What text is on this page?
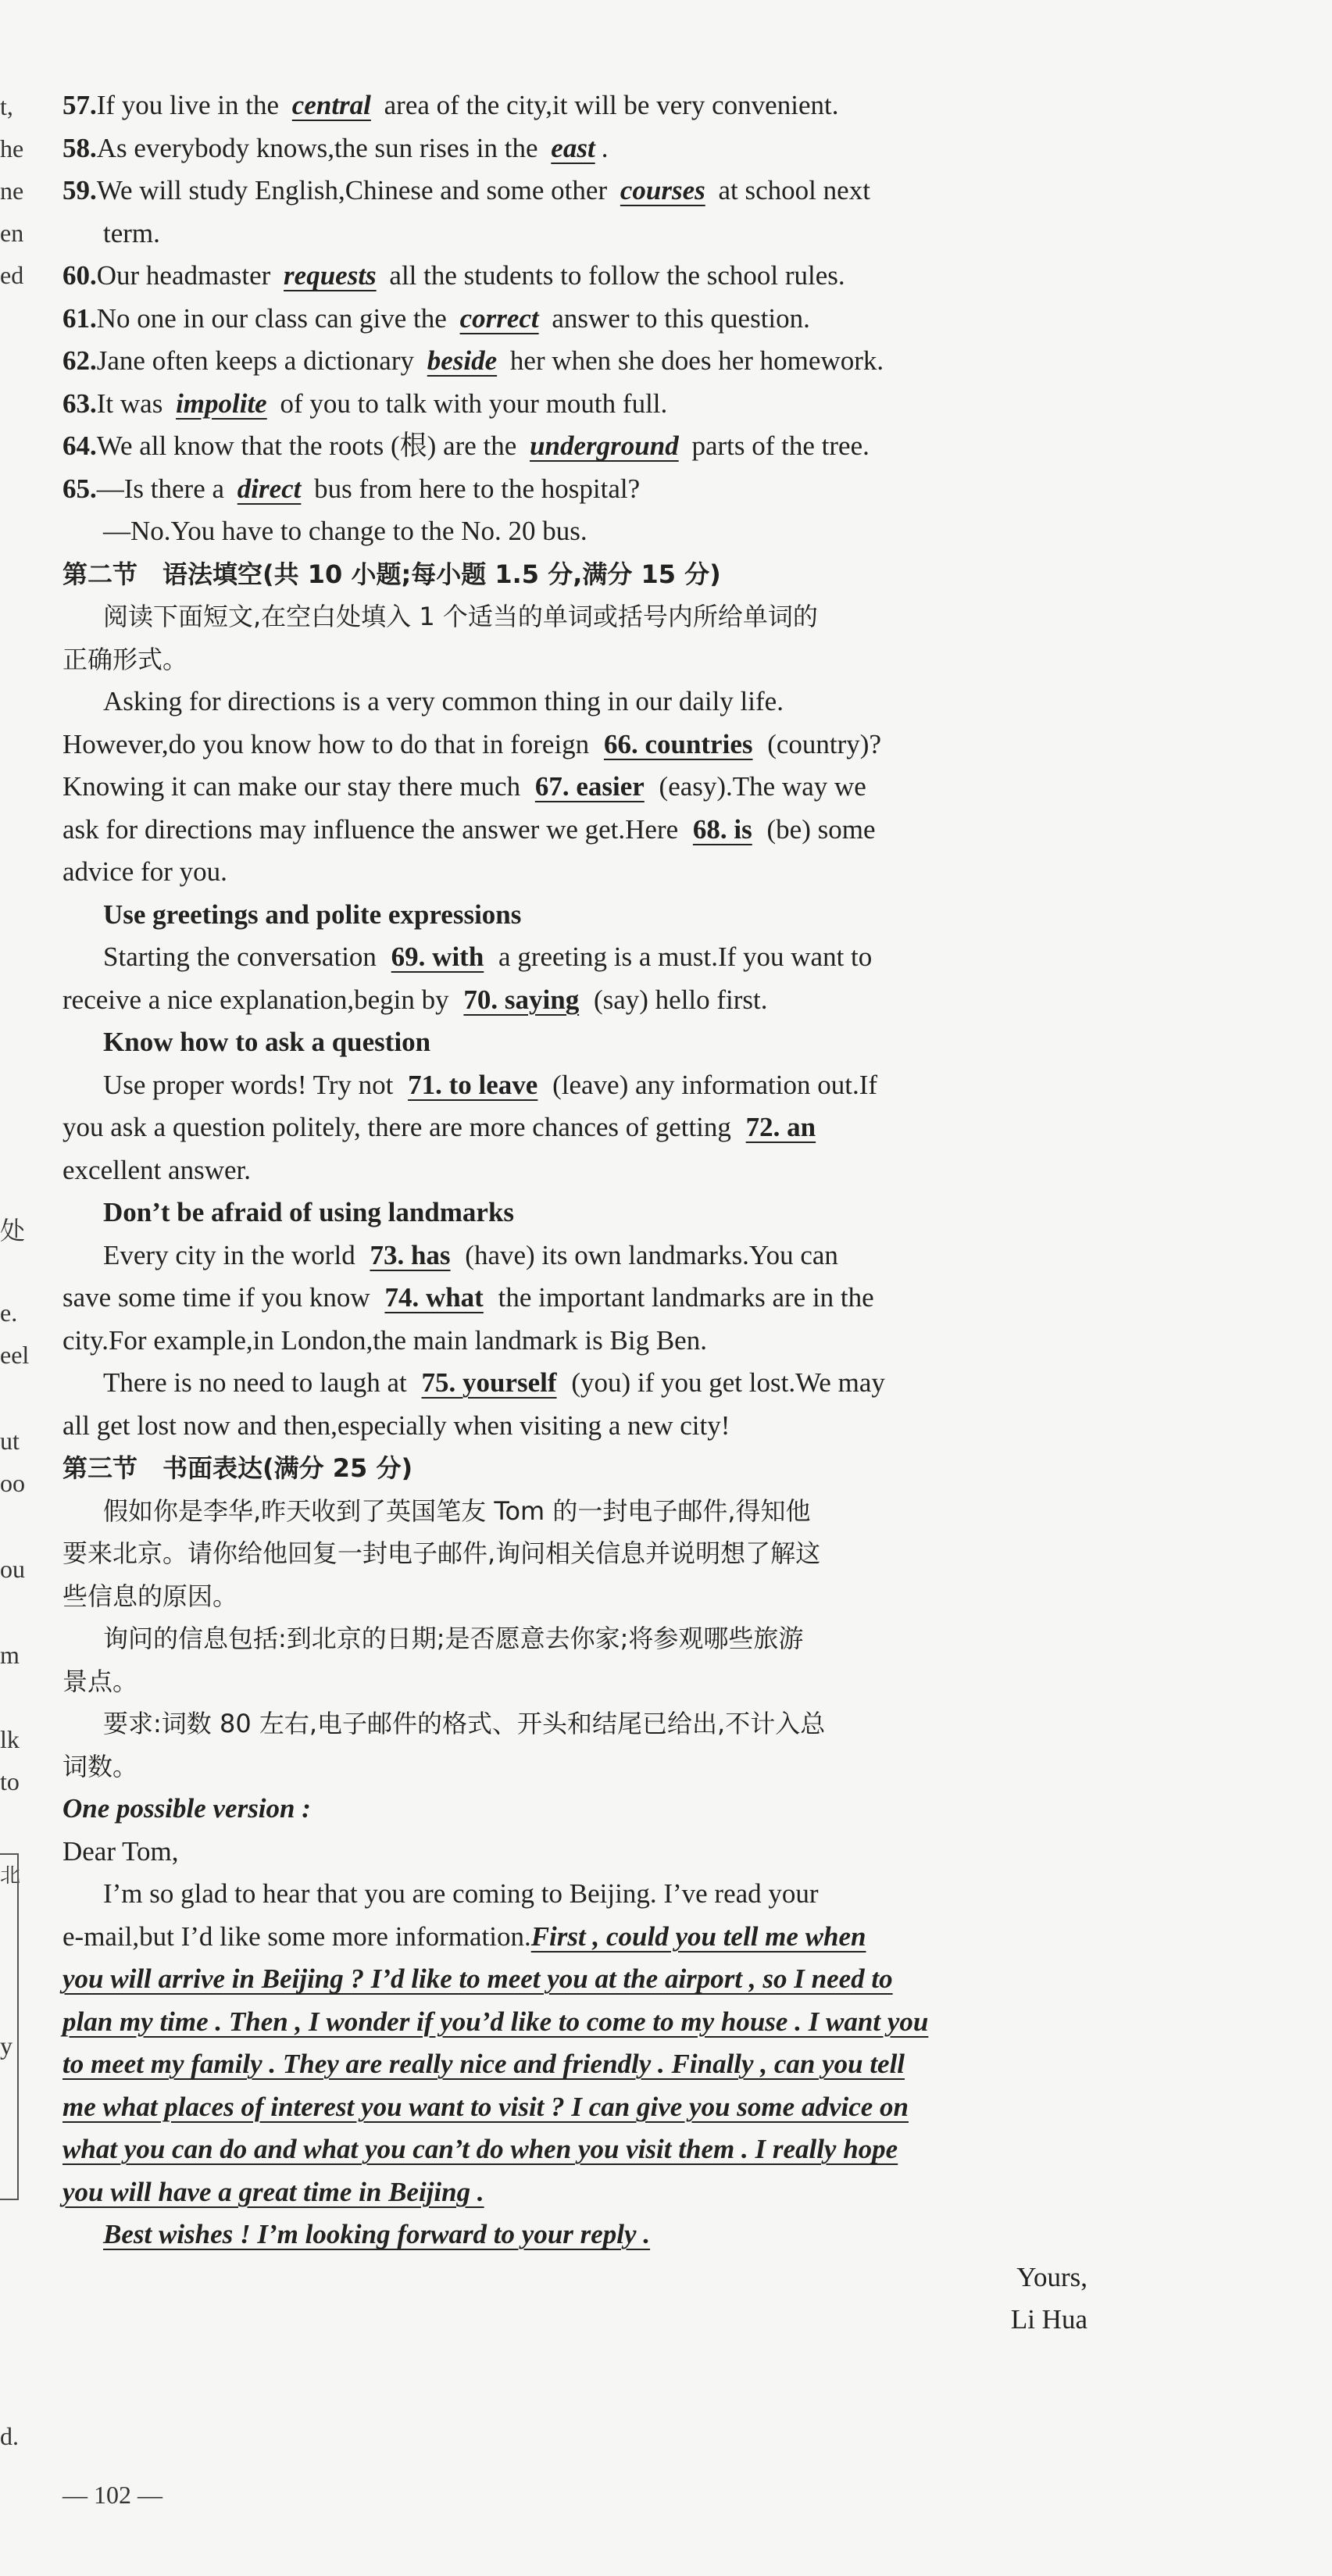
t,
he
ne
en
ed
处
e.
eel
ut
oo
ou
m
lk
to
北
y
d.
57.If you live in the central area of the city,it will be very convenient.
58.As everybody knows,the sun rises in the east .
59.We will study English,Chinese and some other courses at school next
term.
60.Our headmaster requests all the students to follow the school rules.
61.No one in our class can give the correct answer to this question.
62.Jane often keeps a dictionary beside her when she does her homework.
63.It was impolite of you to talk with your mouth full.
64.We all know that the roots (根) are the underground parts of the tree.
65.—Is there a direct bus from here to the hospital?
—No.You have to change to the No. 20 bus.
第二节　语法填空(共 10 小题;每小题 1.5 分,满分 15 分)
阅读下面短文,在空白处填入 1 个适当的单词或括号内所给单词的
正确形式。
Asking for directions is a very common thing in our daily life.
However,do you know how to do that in foreign 66. countries (country)?
Knowing it can make our stay there much 67. easier (easy).The way we
ask for directions may influence the answer we get.Here 68. is (be) some
advice for you.
Use greetings and polite expressions
Starting the conversation 69. with a greeting is a must.If you want to
receive a nice explanation,begin by 70. saying (say) hello first.
Know how to ask a question
Use proper words! Try not 71. to leave (leave) any information out.If
you ask a question politely, there are more chances of getting 72. an
excellent answer.
Don’t be afraid of using landmarks
Every city in the world 73. has (have) its own landmarks.You can
save some time if you know 74. what the important landmarks are in the
city.For example,in London,the main landmark is Big Ben.
There is no need to laugh at 75. yourself (you) if you get lost.We may
all get lost now and then,especially when visiting a new city!
第三节　书面表达(满分 25 分)
假如你是李华,昨天收到了英国笔友 Tom 的一封电子邮件,得知他
要来北京。请你给他回复一封电子邮件,询问相关信息并说明想了解这
些信息的原因。
询问的信息包括:到北京的日期;是否愿意去你家;将参观哪些旅游
景点。
要求:词数 80 左右,电子邮件的格式、开头和结尾已给出,不计入总
词数。
One possible version :
Dear Tom,
I’m so glad to hear that you are coming to Beijing. I’ve read your
e-mail,but I’d like some more information.First , could you tell me when
you will arrive in Beijing ? I’d like to meet you at the airport , so I need to
plan my time . Then , I wonder if you’d like to come to my house . I want you
to meet my family . They are really nice and friendly . Finally , can you tell
me what places of interest you want to visit ? I can give you some advice on
what you can do and what you can’t do when you visit them . I really hope
you will have a great time in Beijing .
Best wishes ! I’m looking forward to your reply .
Yours,
Li Hua
— 102 —
